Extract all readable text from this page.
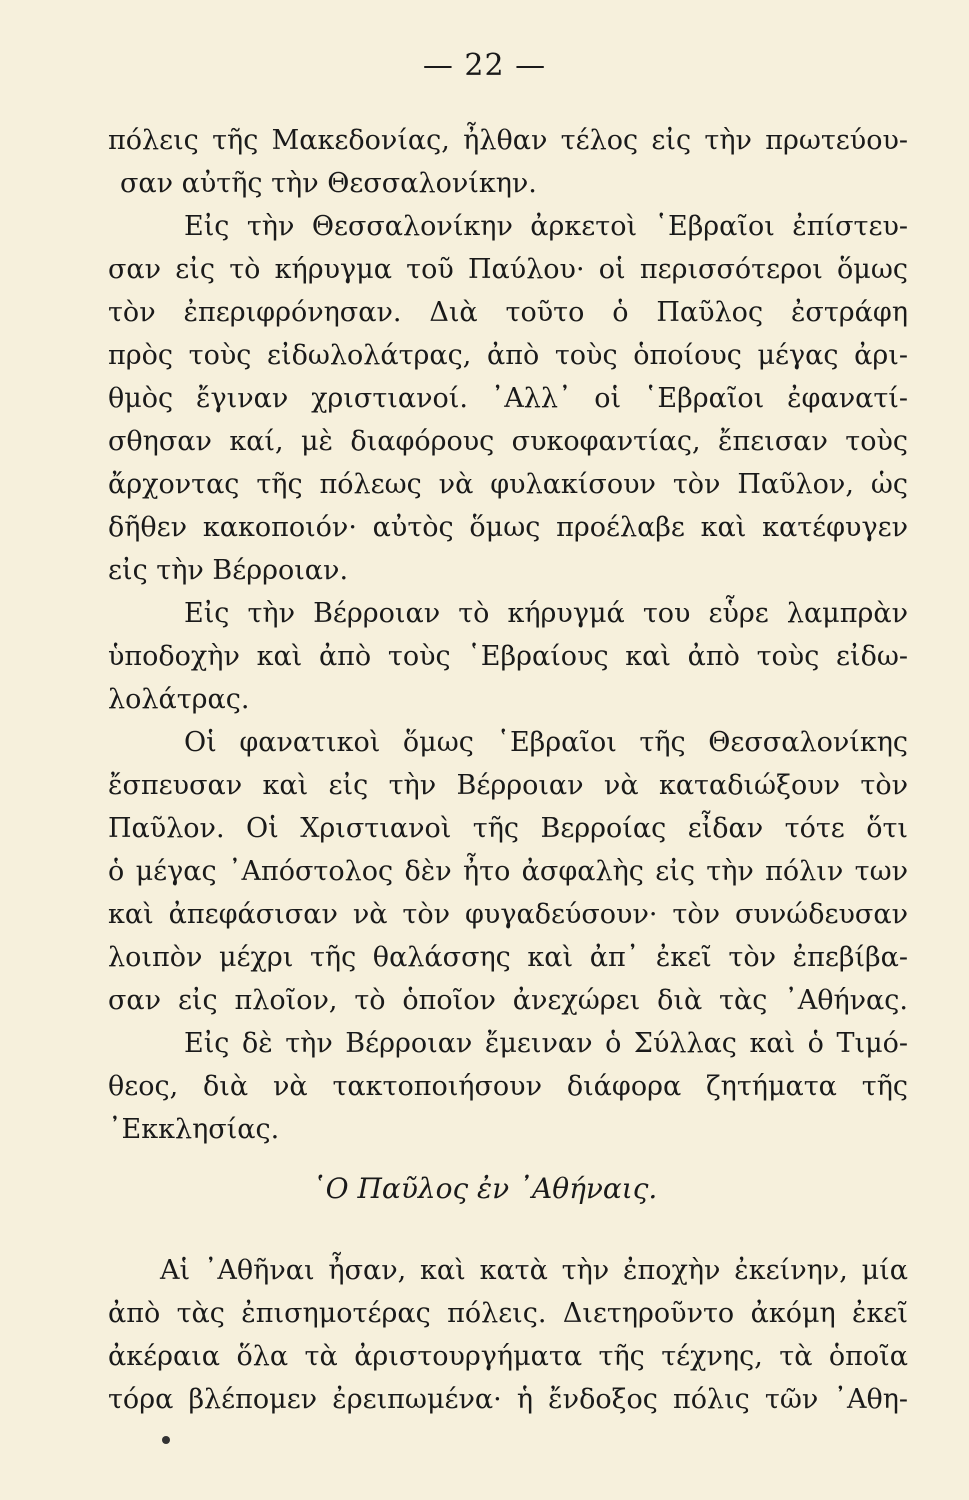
— 22 —
πόλεις τῆς Μακεδονίας, ἦλθαν τέλος εἰς τὴν πρωτεύου-
σαν αὐτῆς τὴν Θεσσαλονίκην.
Εἰς τὴν Θεσσαλονίκην ἀρκετοὶ ῾Εβραῖοι ἐπίστευ-
σαν εἰς τὸ κήρυγμα τοῦ Παύλου· οἱ περισσότεροι ὅμως
τὸν ἐπεριφρόνησαν. Διὰ τοῦτο ὁ Παῦλος ἐστράφη
πρὸς τοὺς εἰδωλολάτρας, ἀπὸ τοὺς ὁποίους μέγας ἀρι-
θμὸς ἔγιναν χριστιανοί. ᾿Αλλ᾿ οἱ ῾Εβραῖοι ἐφανατί-
σθησαν καί, μὲ διαφόρους συκοφαντίας, ἔπεισαν τοὺς
ἄρχοντας τῆς πόλεως νὰ φυλακίσουν τὸν Παῦλον, ὡς
δῆθεν κακοποιόν· αὐτὸς ὅμως προέλαβε καὶ κατέφυγεν
εἰς τὴν Βέρροιαν.
Εἰς τὴν Βέρροιαν τὸ κήρυγμά του εὗρε λαμπρὰν
ὑποδοχὴν καὶ ἀπὸ τοὺς ῾Εβραίους καὶ ἀπὸ τοὺς εἰδω-
λολάτρας.
Οἱ φανατικοὶ ὅμως ῾Εβραῖοι τῆς Θεσσαλονίκης
ἔσπευσαν καὶ εἰς τὴν Βέρροιαν νὰ καταδιώξουν τὸν
Παῦλον. Οἱ Χριστιανοὶ τῆς Βερροίας εἶδαν τότε ὅτι
ὁ μέγας ᾿Απόστολος δὲν ἦτο ἀσφαλὴς εἰς τὴν πόλιν των
καὶ ἀπεφάσισαν νὰ τὸν φυγαδεύσουν· τὸν συνώδευσαν
λοιπὸν μέχρι τῆς θαλάσσης καὶ ἀπ᾿ ἐκεῖ τὸν ἐπεβίβα-
σαν εἰς πλοῖον, τὸ ὁποῖον ἀνεχώρει διὰ τὰς ᾿Αθήνας.
Εἰς δὲ τὴν Βέρροιαν ἔμειναν ὁ Σύλλας καὶ ὁ Τιμό-
θεος, διὰ νὰ τακτοποιήσουν διάφορα ζητήματα τῆς
᾿Εκκλησίας.
῾Ο Παῦλος ἐν ᾿Αθήναις.
Αἱ ᾿Αθῆναι ἦσαν, καὶ κατὰ τὴν ἐποχὴν ἐκείνην, μία
ἀπὸ τὰς ἐπισημοτέρας πόλεις. Διετηροῦντο ἀκόμη ἐκεῖ
ἀκέραια ὅλα τὰ ἀριστουργήματα τῆς τέχνης, τὰ ὁποῖα
τόρα βλέπομεν ἐρειπωμένα· ἡ ἔνδοξος πόλις τῶν ᾿Αθη-
